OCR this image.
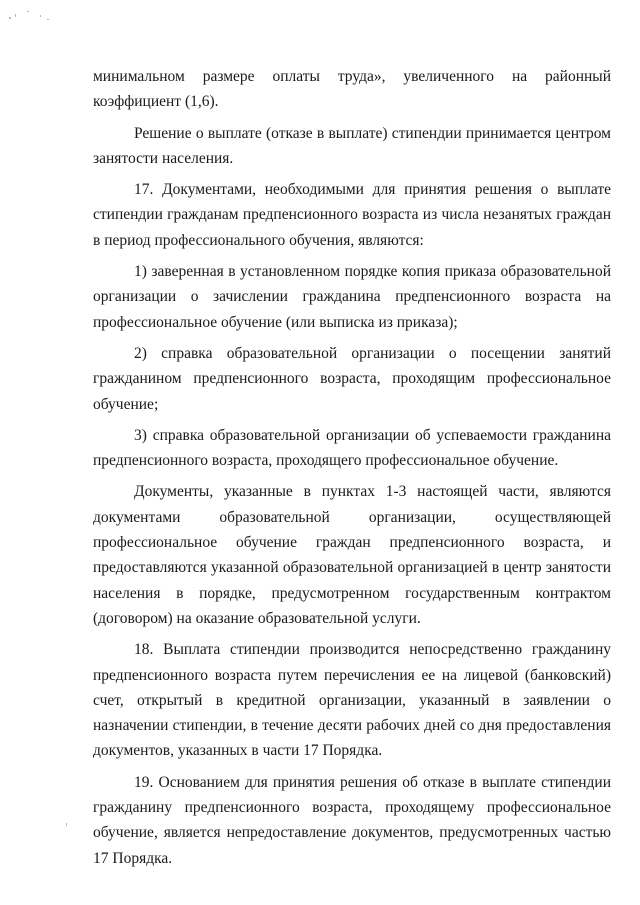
минимальном размере оплаты труда», увеличенного на районный коэффициент (1,6).

Решение о выплате (отказе в выплате) стипендии принимается центром занятости населения.

17. Документами, необходимыми для принятия решения о выплате стипендии гражданам предпенсионного возраста из числа незанятых граждан в период профессионального обучения, являются:

1) заверенная в установленном порядке копия приказа образовательной организации о зачислении гражданина предпенсионного возраста на профессиональное обучение (или выписка из приказа);

2) справка образовательной организации о посещении занятий гражданином предпенсионного возраста, проходящим профессиональное обучение;

3) справка образовательной организации об успеваемости гражданина предпенсионного возраста, проходящего профессиональное обучение.

Документы, указанные в пунктах 1-3 настоящей части, являются документами образовательной организации, осуществляющей профессиональное обучение граждан предпенсионного возраста, и предоставляются указанной образовательной организацией в центр занятости населения в порядке, предусмотренном государственным контрактом (договором) на оказание образовательной услуги.

18. Выплата стипендии производится непосредственно гражданину предпенсионного возраста путем перечисления ее на лицевой (банковский) счет, открытый в кредитной организации, указанный в заявлении о назначении стипендии, в течение десяти рабочих дней со дня предоставления документов, указанных в части 17 Порядка.

19. Основанием для принятия решения об отказе в выплате стипендии гражданину предпенсионного возраста, проходящему профессиональное обучение, является непредоставление документов, предусмотренных частью 17 Порядка.
